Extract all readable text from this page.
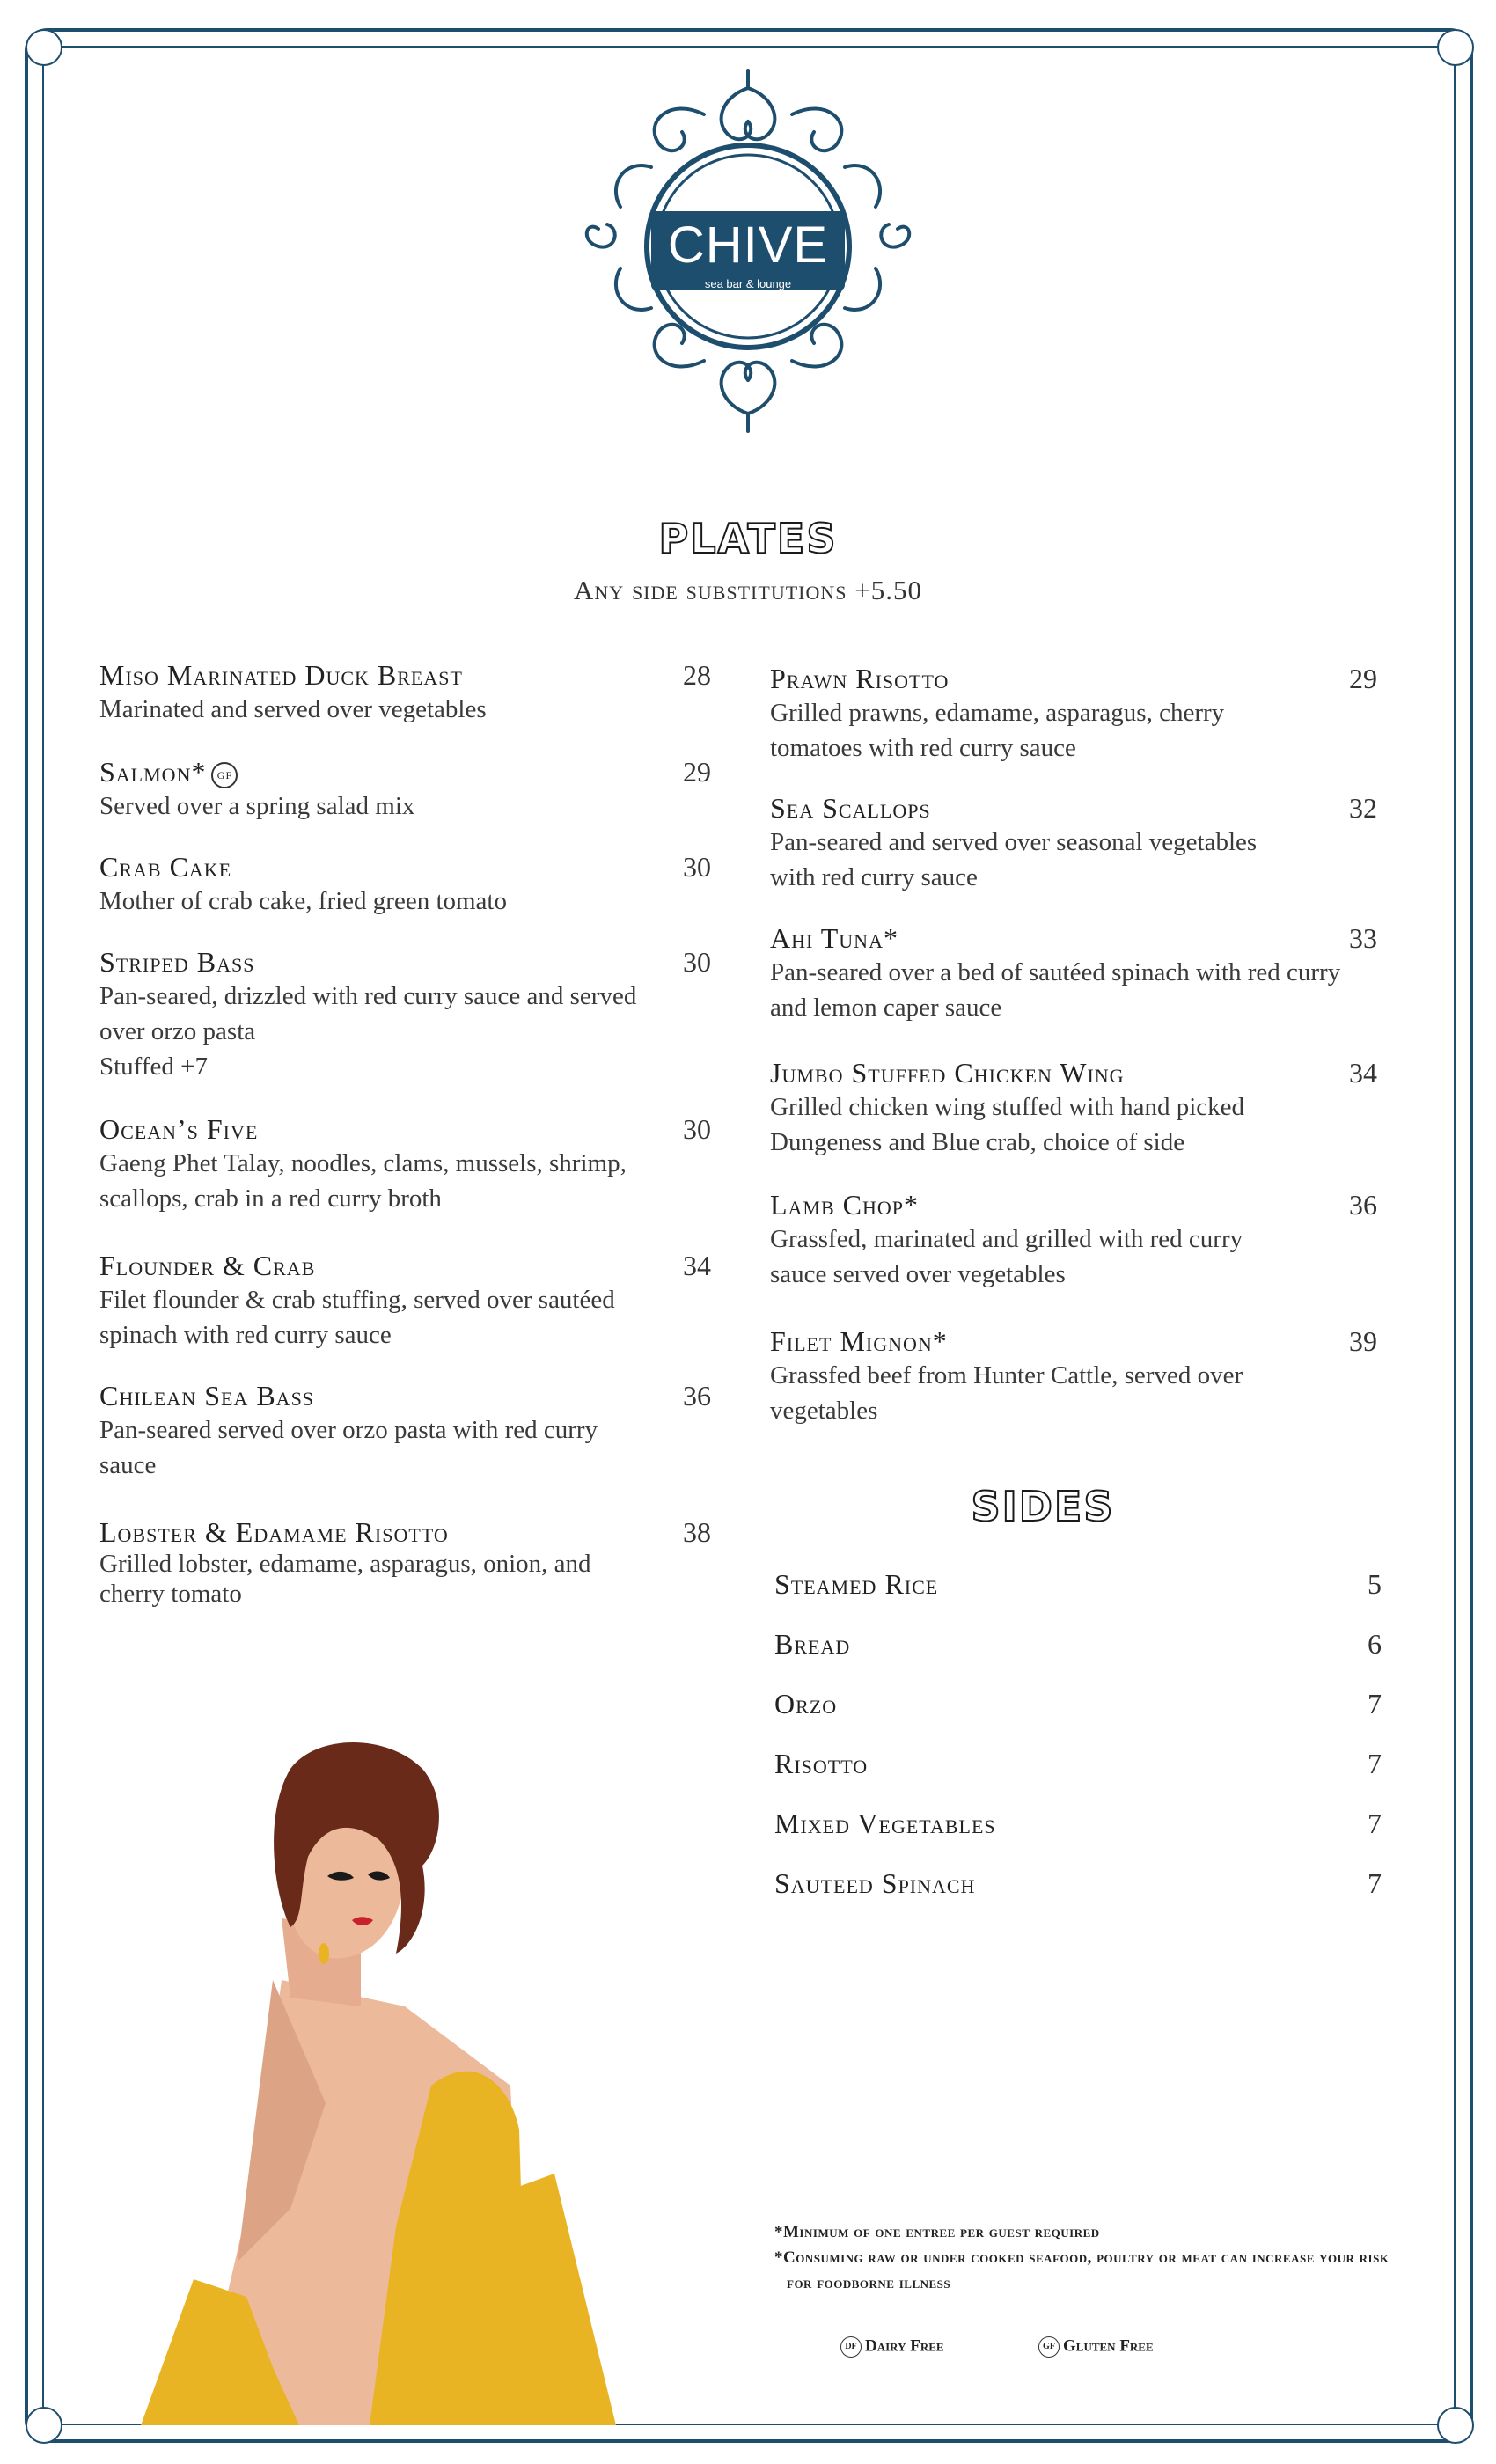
CHIVE
sea bar & lounge
PLATES
Any side substitutions +5.50
Miso Marinated Duck Breast	28
Marinated and served over vegetables
Salmon* GF	29
Served over a spring salad mix
Crab Cake	30
Mother of crab cake, fried green tomato
Striped Bass	30
Pan-seared, drizzled with red curry sauce and served over orzo pasta
Stuffed +7
Ocean’s Five	30
Gaeng Phet Talay, noodles, clams, mussels, shrimp, scallops, crab in a red curry broth
Flounder & Crab	34
Filet flounder & crab stuffing, served over sautéed spinach with red curry sauce
Chilean Sea Bass	36
Pan-seared served over orzo pasta with red curry sauce
Lobster & Edamame Risotto	38
Grilled lobster, edamame, asparagus, onion, and cherry tomato
Prawn Risotto	29
Grilled prawns, edamame, asparagus, cherry tomatoes with red curry sauce
Sea Scallops	32
Pan-seared and served over seasonal vegetables with red curry sauce
Ahi Tuna*	33
Pan-seared over a bed of sautéed spinach with red curry and lemon caper sauce
Jumbo Stuffed Chicken Wing	34
Grilled chicken wing stuffed with hand picked Dungeness and Blue crab, choice of side
Lamb Chop*	36
Grassfed, marinated and grilled with red curry sauce served over vegetables
Filet Mignon*	39
Grassfed beef from Hunter Cattle, served over vegetables
SIDES
Steamed Rice	5
Bread	6
Orzo	7
Risotto	7
Mixed Vegetables	7
Sauteed Spinach	7
*Minimum of one entree per guest required
*Consuming raw or under cooked seafood, poultry or meat can increase your risk for foodborne illness
DF Dairy Free	GF Gluten Free
